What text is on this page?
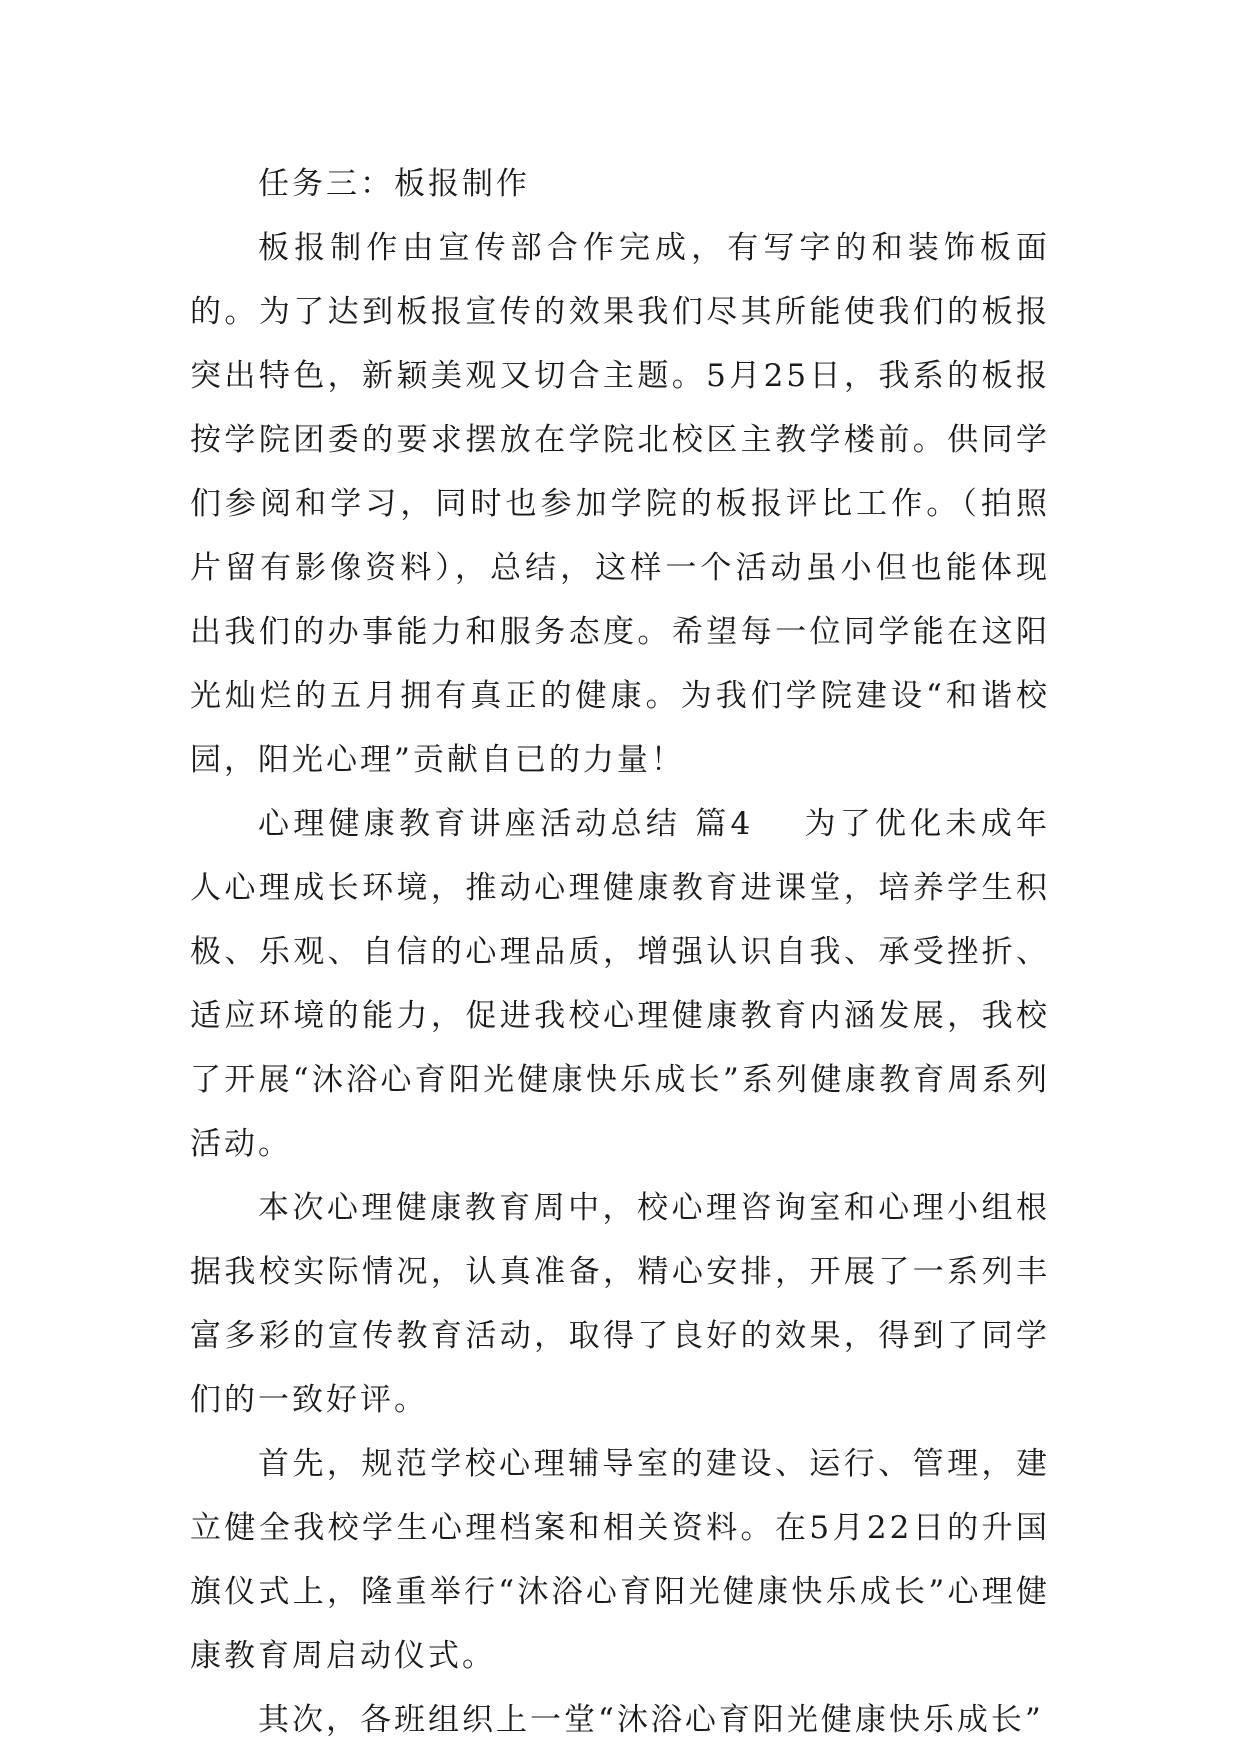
任务三：板报制作

板报制作由宣传部合作完成，有写字的和装饰板面的。为了达到板报宣传的效果我们尽其所能使我们的板报突出特色，新颖美观又切合主题。5月25日，我系的板报按学院团委的要求摆放在学院北校区主教学楼前。供同学们参阅和学习，同时也参加学院的板报评比工作。（拍照片留有影像资料），总结，这样一个活动虽小但也能体现出我们的办事能力和服务态度。希望每一位同学能在这阳光灿烂的五月拥有真正的健康。为我们学院建设“和谐校园，阳光心理”贡献自已的力量！

心理健康教育讲座活动总结 篇4 为了优化未成年人心理成长环境，推动心理健康教育进课堂，培养学生积极、乐观、自信的心理品质，增强认识自我、承受挫折、适应环境的能力，促进我校心理健康教育内涵发展，我校了开展“沐浴心育阳光健康快乐成长”系列健康教育周系列活动。

本次心理健康教育周中，校心理咨询室和心理小组根据我校实际情况，认真准备，精心安排，开展了一系列丰富多彩的宣传教育活动，取得了良好的效果，得到了同学们的一致好评。

首先，规范学校心理辅导室的建设、运行、管理，建立健全我校学生心理档案和相关资料。在5月22日的升国旗仪式上，隆重举行“沐浴心育阳光健康快乐成长”心理健康教育周启动仪式。

其次，各班组织上一堂“沐浴心育阳光健康快乐成长”
